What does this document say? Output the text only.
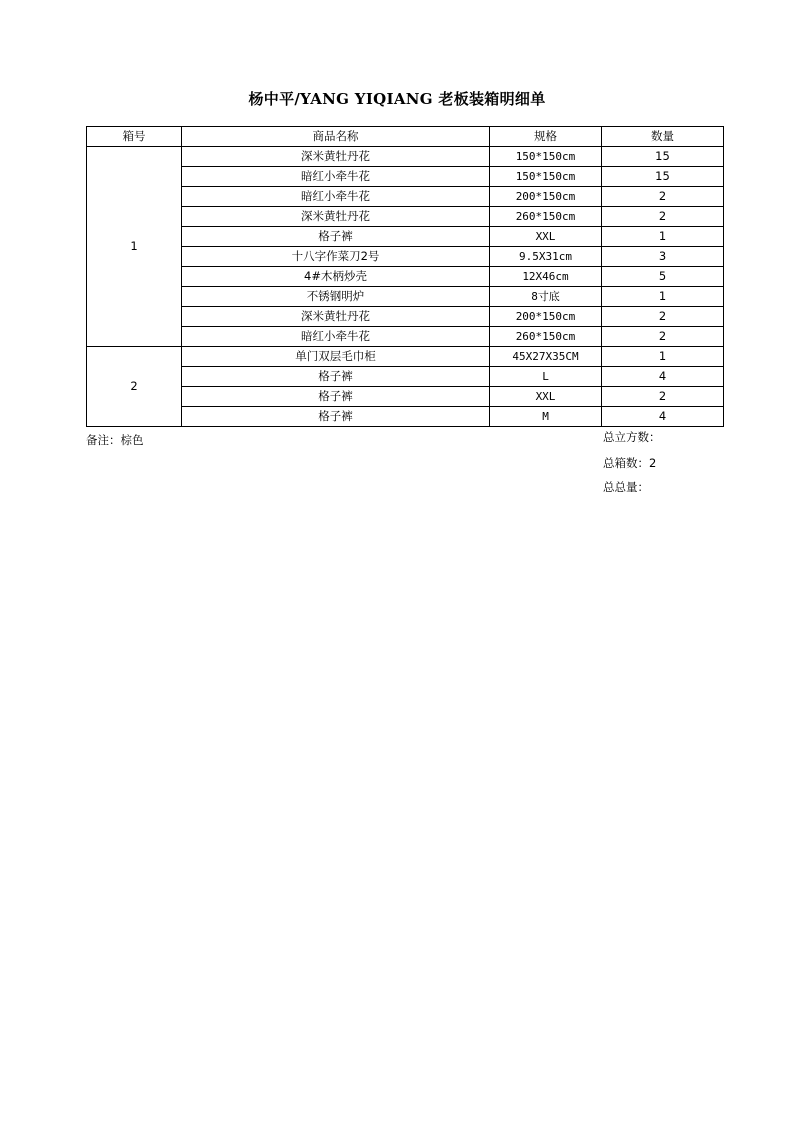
杨中平/YANG YIQIANG 老板装箱明细单
箱号	商品名称	规格	数量
1	深米黄牡丹花	150*150cm	15
	暗红小牵牛花	150*150cm	15
	暗红小牵牛花	200*150cm	2
	深米黄牡丹花	260*150cm	2
	格子裤	XXL	1
	十八字作菜刀2号	9.5X31cm	3
	4#木柄炒壳	12X46cm	5
	不锈钢明炉	8寸底	1
	深米黄牡丹花	200*150cm	2
	暗红小牵牛花	260*150cm	2
2	单门双层毛巾柜	45X27X35CM	1
	格子裤	L	4
	格子裤	XXL	2
	格子裤	M	4
备注：棕色	总立方数：
总箱数：2
总总量：
